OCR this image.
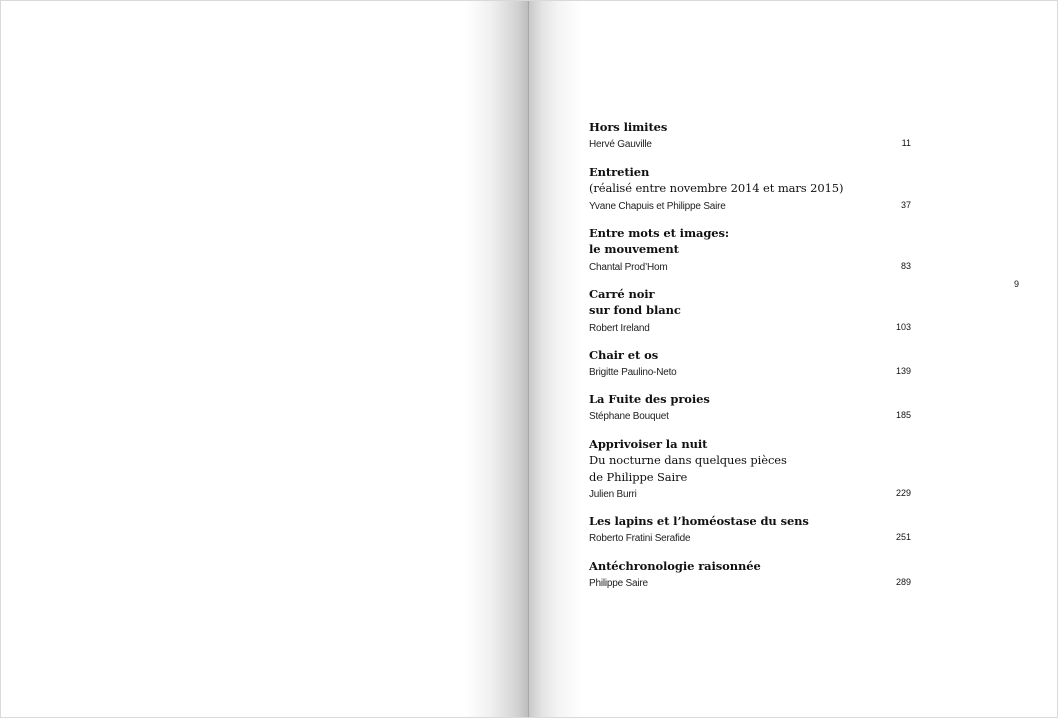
Hors limites
Hervé Gauville	11
Entretien
(réalisé entre novembre 2014 et mars 2015)
Yvane Chapuis et Philippe Saire	37
Entre mots et images:
le mouvement
Chantal Prod’Hom	83
Carré noir
sur fond blanc
Robert Ireland	103
Chair et os
Brigitte Paulino-Neto	139
La Fuite des proies
Stéphane Bouquet	185
Apprivoiser la nuit
Du nocturne dans quelques pièces
de Philippe Saire
Julien Burri	229
Les lapins et l’homéostase du sens
Roberto Fratini Serafide	251
Antéchronologie raisonnée
Philippe Saire	289
9
